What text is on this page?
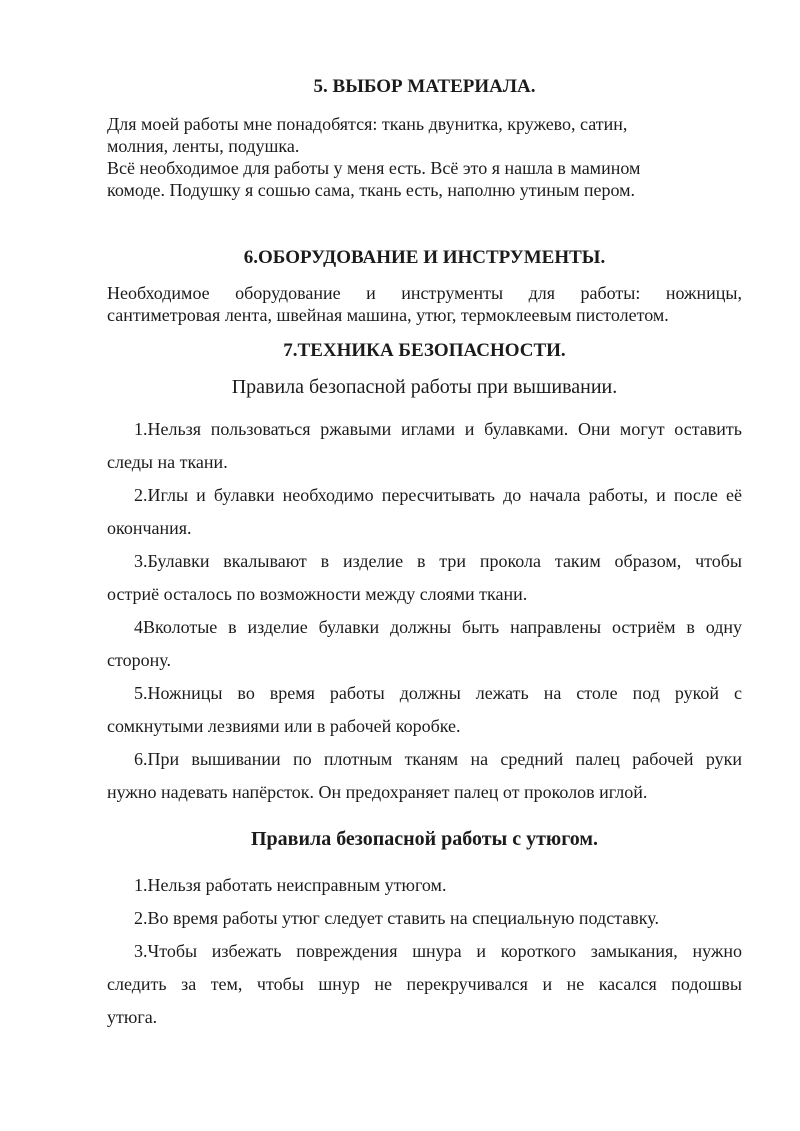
5. ВЫБОР МАТЕРИАЛА.
Для моей работы мне понадобятся: ткань двунитка, кружево, сатин,
молния, ленты, подушка.
Всё необходимое для работы у меня есть. Всё это я нашла в мамином
комоде. Подушку я сошью сама, ткань есть, наполню утиным пером.
6.ОБОРУДОВАНИЕ И ИНСТРУМЕНТЫ.
Необходимое оборудование и инструменты для работы: ножницы,
сантиметровая лента, швейная машина, утюг, термоклеевым пистолетом.
7.ТЕХНИКА БЕЗОПАСНОСТИ.
Правила безопасной работы при вышивании.
1.Нельзя пользоваться ржавыми иглами и булавками. Они могут оставить
следы на ткани.
2.Иглы и булавки необходимо пересчитывать до начала работы, и после её
окончания.
3.Булавки вкалывают в изделие в три прокола таким образом, чтобы
остриё осталось по возможности между слоями ткани.
4Вколотые в изделие булавки должны быть направлены остриём в одну
сторону.
5.Ножницы во время работы должны лежать на столе под рукой с
сомкнутыми лезвиями или в рабочей коробке.
6.При вышивании по плотным тканям на средний палец рабочей руки
нужно надевать напёрсток. Он предохраняет палец от проколов иглой.
Правила безопасной работы с утюгом.
1.Нельзя работать неисправным утюгом.
2.Во время работы утюг следует ставить на специальную подставку.
3.Чтобы избежать повреждения шнура и короткого замыкания, нужно
следить за тем, чтобы шнур не перекручивался и не касался подошвы
утюга.
